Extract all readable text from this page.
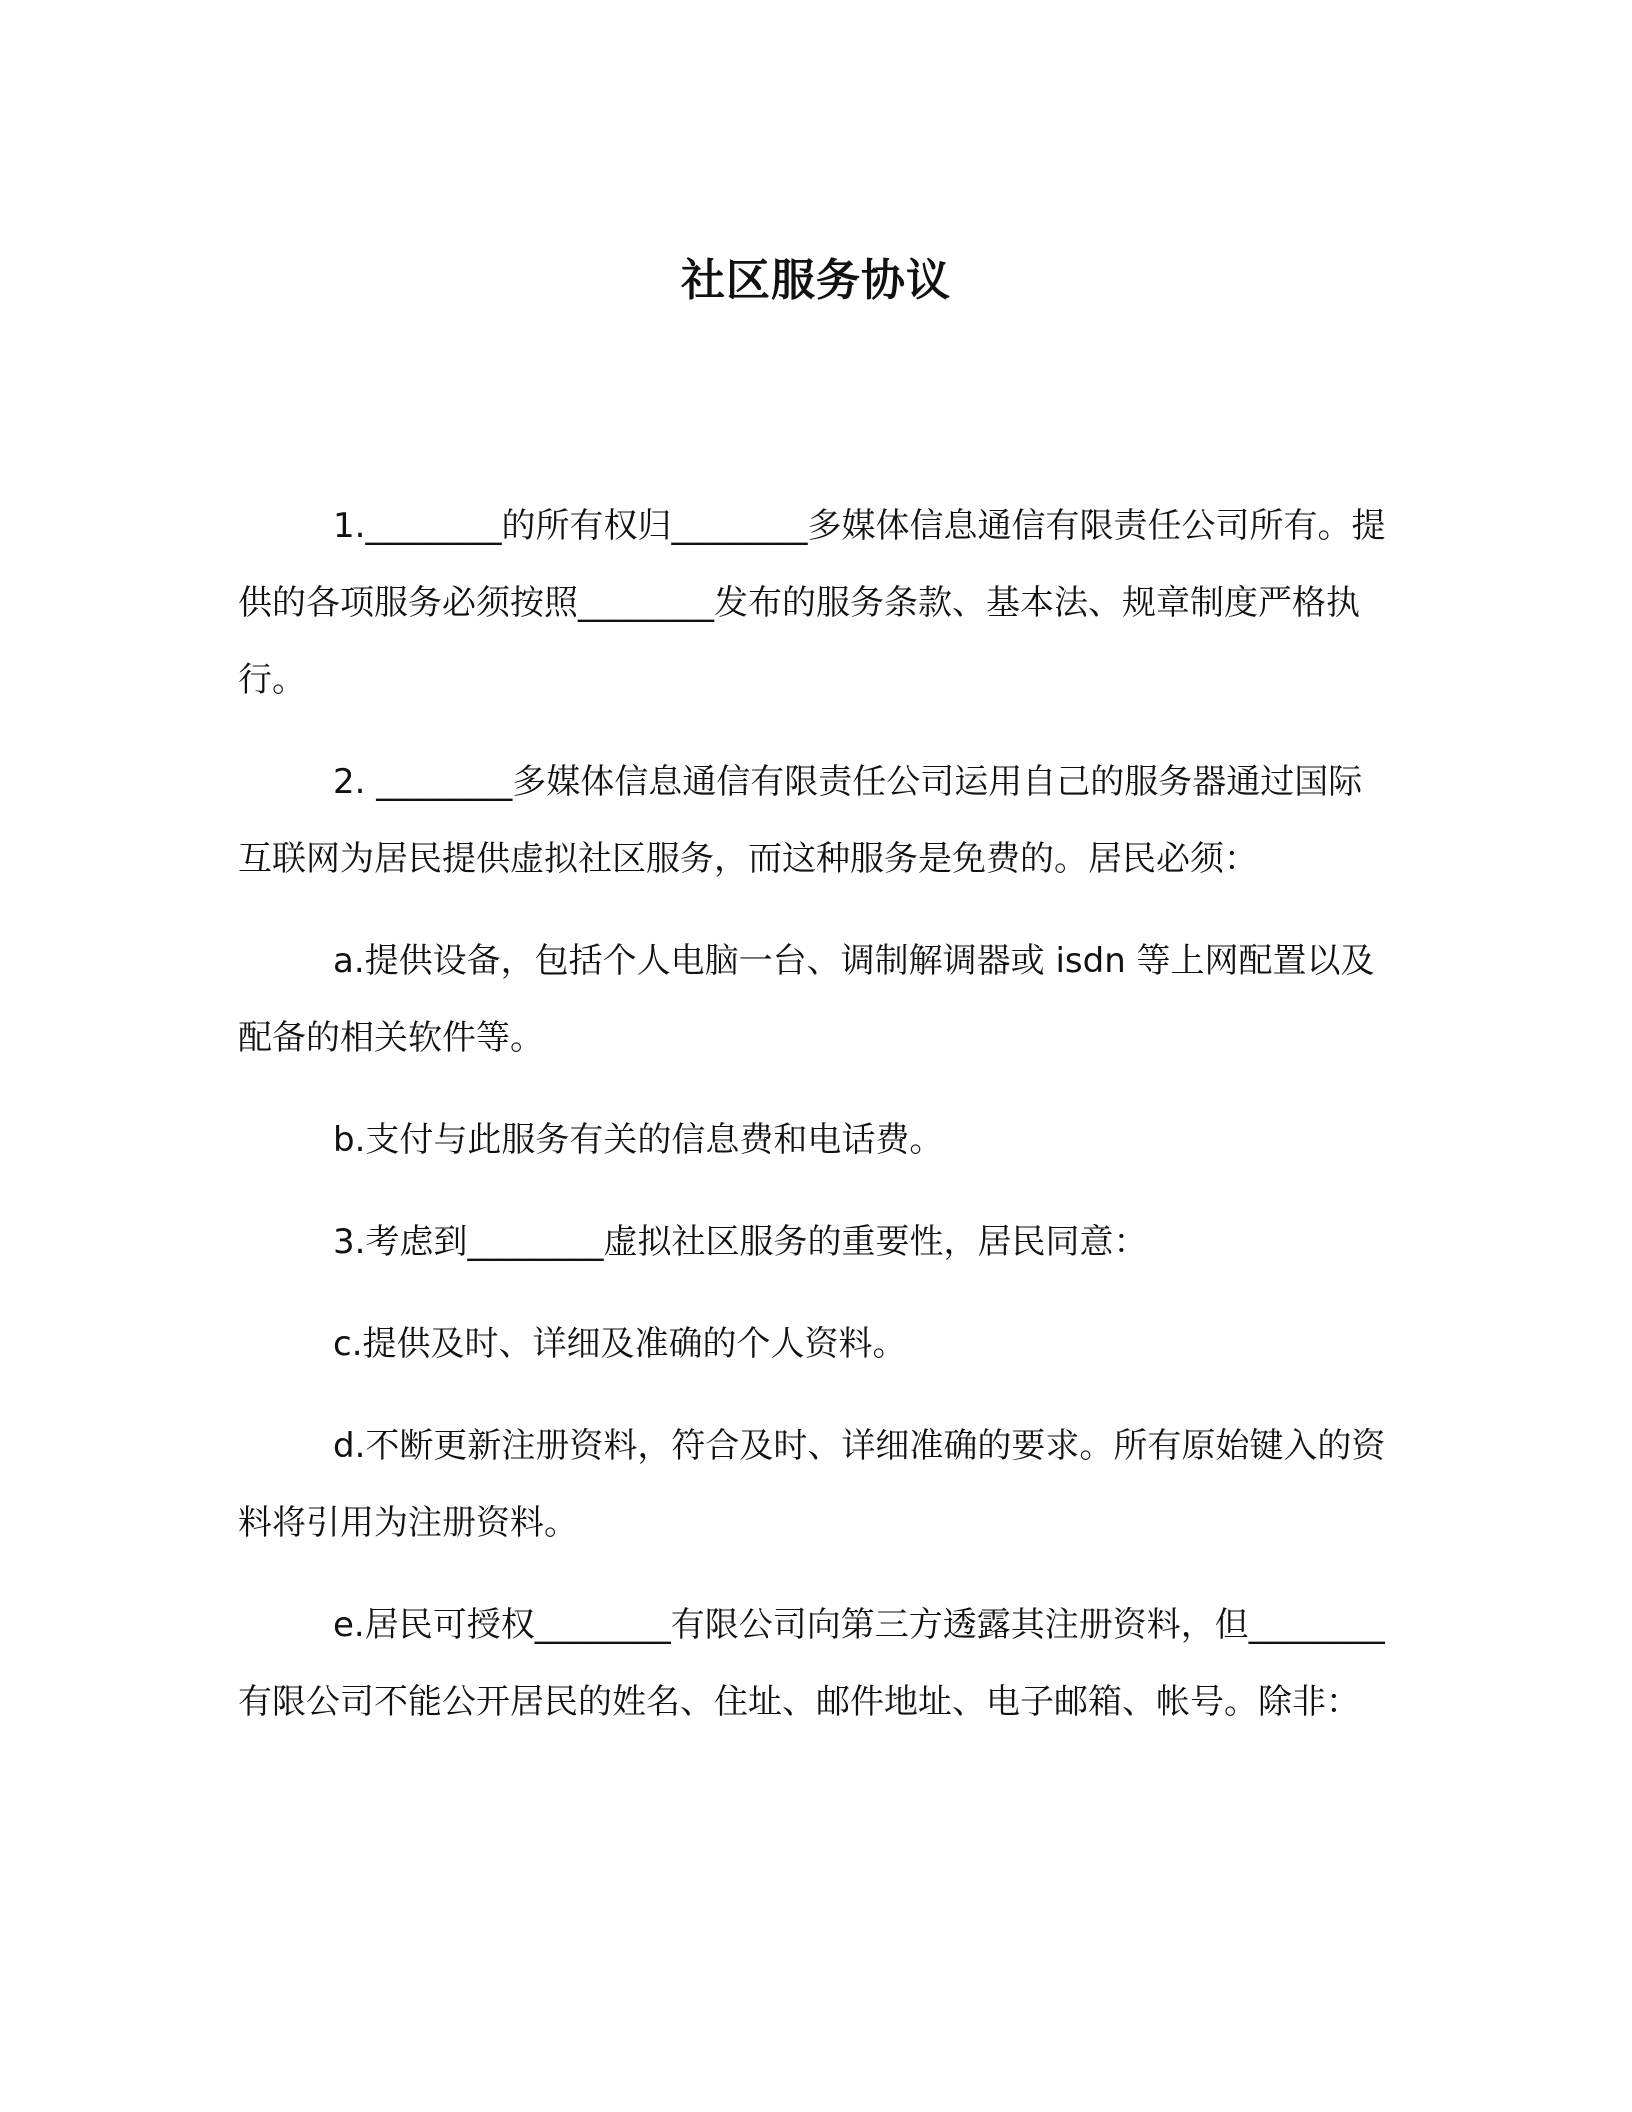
社区服务协议

1.________的所有权归________多媒体信息通信有限责任公司所有。提供的各项服务必须按照________发布的服务条款、基本法、规章制度严格执行。

2. ________多媒体信息通信有限责任公司运用自己的服务器通过国际互联网为居民提供虚拟社区服务，而这种服务是免费的。居民必须：

a.提供设备，包括个人电脑一台、调制解调器或 isdn 等上网配置以及配备的相关软件等。

b.支付与此服务有关的信息费和电话费。

3.考虑到________虚拟社区服务的重要性，居民同意：

c.提供及时、详细及准确的个人资料。

d.不断更新注册资料，符合及时、详细准确的要求。所有原始键入的资料将引用为注册资料。

e.居民可授权________有限公司向第三方透露其注册资料，但________有限公司不能公开居民的姓名、住址、邮件地址、电子邮箱、帐号。除非：
